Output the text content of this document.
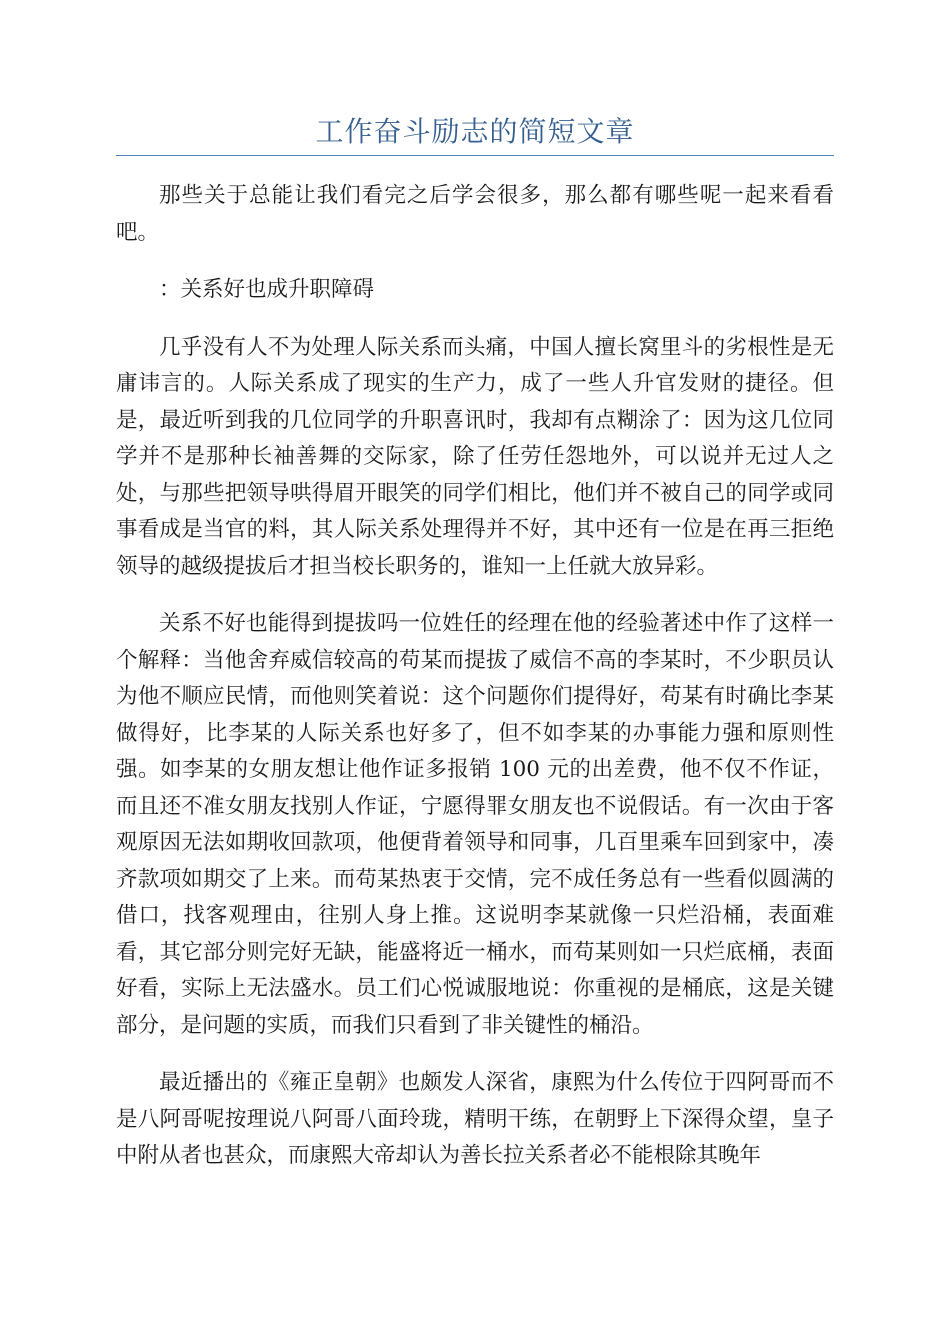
工作奋斗励志的简短文章

那些关于总能让我们看完之后学会很多，那么都有哪些呢一起来看看吧。

：关系好也成升职障碍

几乎没有人不为处理人际关系而头痛，中国人擅长窝里斗的劣根性是无庸讳言的。人际关系成了现实的生产力，成了一些人升官发财的捷径。但是，最近听到我的几位同学的升职喜讯时，我却有点糊涂了：因为这几位同学并不是那种长袖善舞的交际家，除了任劳任怨地外，可以说并无过人之处，与那些把领导哄得眉开眼笑的同学们相比，他们并不被自己的同学或同事看成是当官的料，其人际关系处理得并不好，其中还有一位是在再三拒绝领导的越级提拔后才担当校长职务的，谁知一上任就大放异彩。

关系不好也能得到提拔吗一位姓任的经理在他的经验著述中作了这样一个解释：当他舍弃威信较高的苟某而提拔了威信不高的李某时，不少职员认为他不顺应民情，而他则笑着说：这个问题你们提得好，苟某有时确比李某做得好，比李某的人际关系也好多了，但不如李某的办事能力强和原则性强。如李某的女朋友想让他作证多报销 100 元的出差费，他不仅不作证，而且还不准女朋友找别人作证，宁愿得罪女朋友也不说假话。有一次由于客观原因无法如期收回款项，他便背着领导和同事，几百里乘车回到家中，凑齐款项如期交了上来。而苟某热衷于交情，完不成任务总有一些看似圆满的借口，找客观理由，往别人身上推。这说明李某就像一只烂沿桶，表面难看，其它部分则完好无缺，能盛将近一桶水，而苟某则如一只烂底桶，表面好看，实际上无法盛水。员工们心悦诚服地说：你重视的是桶底，这是关键部分，是问题的实质，而我们只看到了非关键性的桶沿。

最近播出的《雍正皇朝》也颇发人深省，康熙为什么传位于四阿哥而不是八阿哥呢按理说八阿哥八面玲珑，精明干练，在朝野上下深得众望，皇子中附从者也甚众，而康熙大帝却认为善长拉关系者必不能根除其晚年
